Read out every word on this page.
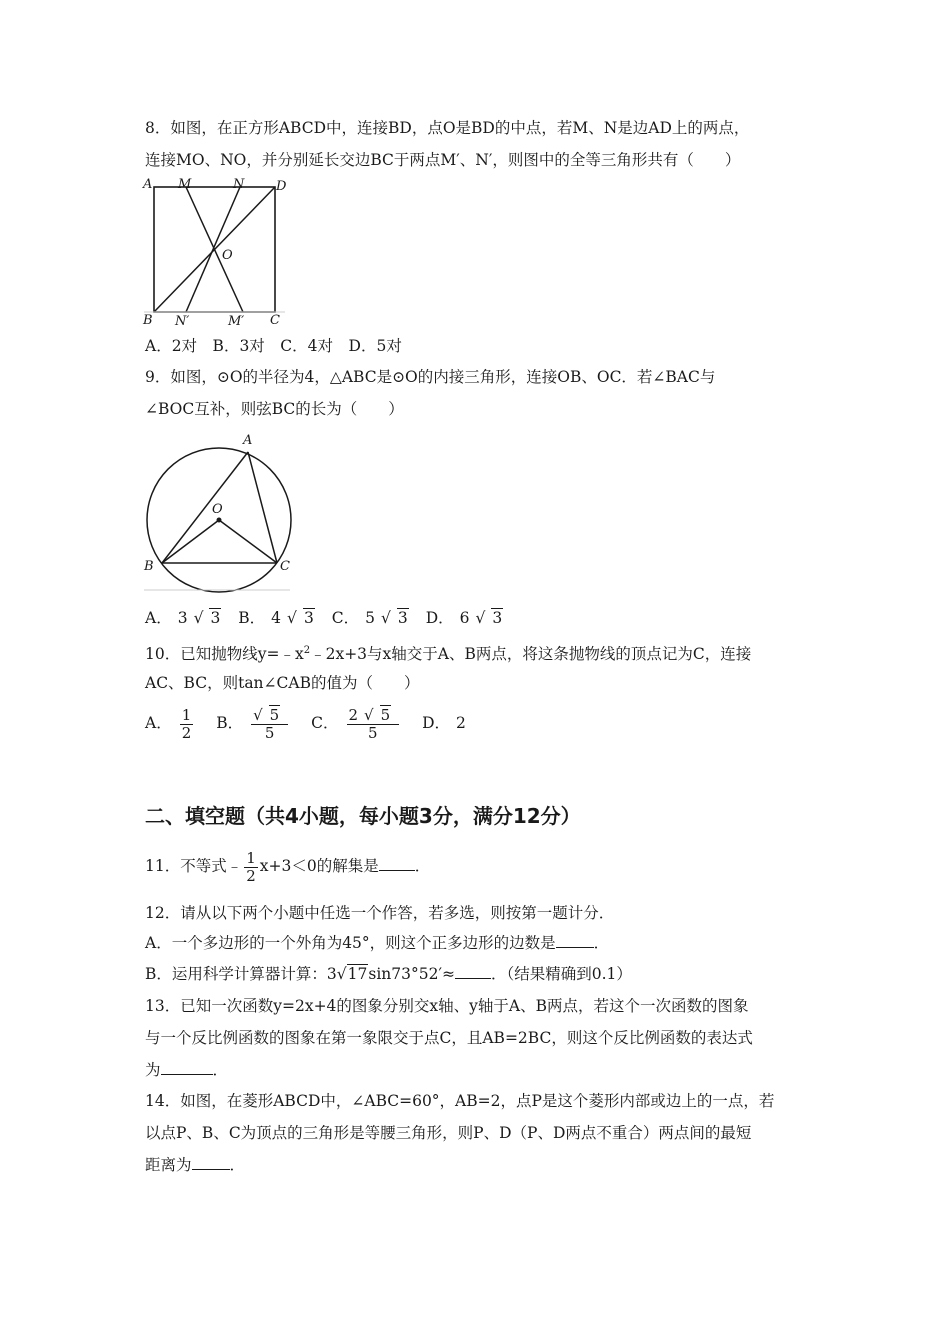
8．如图，在正方形ABCD中，连接BD，点O是BD的中点，若M、N是边AD上的两点，
连接MO、NO，并分别延长交边BC于两点M′、N′，则图中的全等三角形共有（　　）
A M	N D
O
B N′	M′ C
A．2对　B．3对　C．4对　D．5对
9．如图，⊙O的半径为4，△ABC是⊙O的内接三角形，连接OB、OC．若∠BAC与
∠BOC互补，则弦BC的长为（　　）
A
O
B	C
A． 3 √ 3 B． 4 √ 3 C． 5 √ 3 D． 6 √ 3
10．已知抛物线$y=﹣x^2﹣2x+3$与x轴交于A、B两点，将这条抛物线的顶点记为C，连接
AC、BC，则tan∠CAB的值为（　　）
A． $\frac{1}{2}$ B． $\frac{√ 5}{5}$ C． $\frac{2 √ 5}{5}$ D． 2
二、填空题（共4小题，每小题3分，满分12分）
11．不等式﹣ $\frac{1}{2} x+3<0$的解集是 ．
12．请从以下两个小题中任选一个作答，若多选，则按第一题计分．
A．一个多边形的一个外角为45°，则这个正多边形的边数是 ．
B．运用科学计算器计算：3√17sin73°52′≈ ．（结果精确到0.1）
13．已知一次函数y=2x+4的图象分别交x轴、y轴于A、B两点，若这个一次函数的图象
与一个反比例函数的图象在第一象限交于点C，且AB=2BC，则这个反比例函数的表达式
为	．
14．如图，在菱形ABCD中，∠ABC=60°，AB=2，点P是这个菱形内部或边上的一点，若
以点P、B、C为顶点的三角形是等腰三角形，则P、D（P、D两点不重合）两点间的最短
距离为 ．
